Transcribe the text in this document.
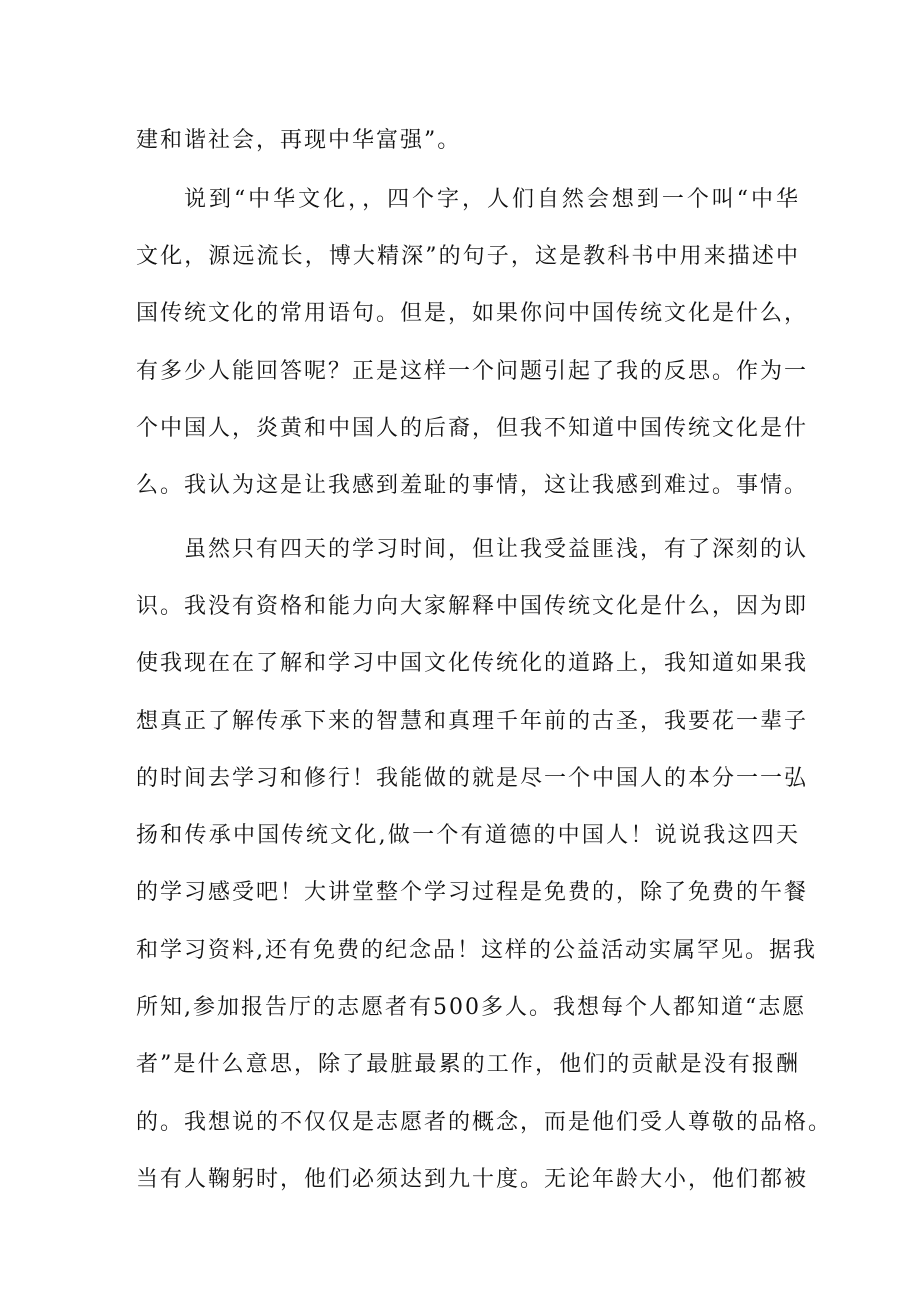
建和谐社会，再现中华富强”。
说到“中华文化，，四个字，人们自然会想到一个叫“中华
文化，源远流长，博大精深”的句子，这是教科书中用来描述中
国传统文化的常用语句。但是，如果你问中国传统文化是什么，
有多少人能回答呢？正是这样一个问题引起了我的反思。作为一
个中国人，炎黄和中国人的后裔，但我不知道中国传统文化是什
么。我认为这是让我感到羞耻的事情，这让我感到难过。事情。
虽然只有四天的学习时间，但让我受益匪浅，有了深刻的认
识。我没有资格和能力向大家解释中国传统文化是什么，因为即
使我现在在了解和学习中国文化传统化的道路上，我知道如果我
想真正了解传承下来的智慧和真理千年前的古圣，我要花一辈子
的时间去学习和修行！我能做的就是尽一个中国人的本分一一弘
扬和传承中国传统文化,做一个有道德的中国人！说说我这四天
的学习感受吧！大讲堂整个学习过程是免费的，除了免费的午餐
和学习资料,还有免费的纪念品！这样的公益活动实属罕见。据我
所知,参加报告厅的志愿者有500多人。我想每个人都知道“志愿
者”是什么意思，除了最脏最累的工作，他们的贡献是没有报酬
的。我想说的不仅仅是志愿者的概念，而是他们受人尊敬的品格。
当有人鞠躬时，他们必须达到九十度。无论年龄大小，他们都被
